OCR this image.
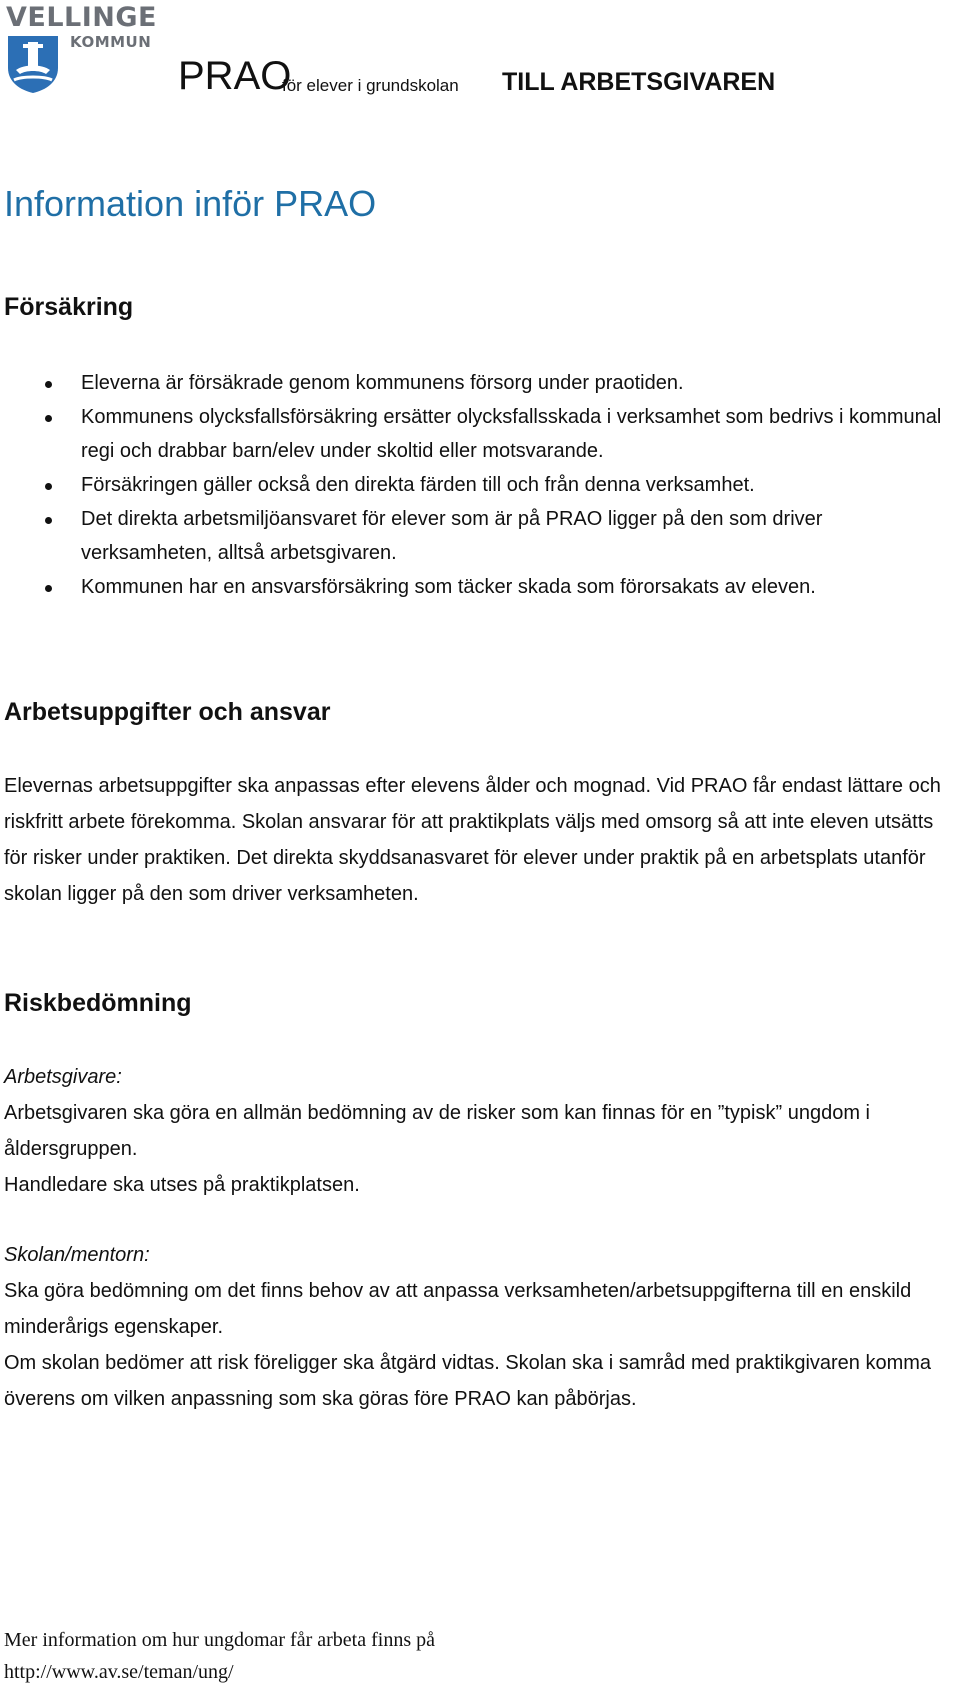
VELLINGE
KOMMUN
PRAO
för elever i grundskolan TILL ARBETSGIVAREN
Information inför PRAO
Försäkring
Eleverna är försäkrade genom kommunens försorg under praotiden.
Kommunens olycksfallsförsäkring ersätter olycksfallsskada i verksamhet som bedrivs i kommunal regi och drabbar barn/elev under skoltid eller motsvarande.
Försäkringen gäller också den direkta färden till och från denna verksamhet.
Det direkta arbetsmiljöansvaret för elever som är på PRAO ligger på den som driver verksamheten, alltså arbetsgivaren.
Kommunen har en ansvarsförsäkring som täcker skada som förorsakats av eleven.
Arbetsuppgifter och ansvar

Elevernas arbetsuppgifter ska anpassas efter elevens ålder och mognad. Vid PRAO får endast lättare och riskfritt arbete förekomma. Skolan ansvarar för att praktikplats väljs med omsorg så att inte eleven utsätts för risker under praktiken. Det direkta skyddsanasvaret för elever under praktik på en arbetsplats utanför skolan ligger på den som driver verksamheten.

Riskbedömning
Arbetsgivare:

Arbetsgivaren ska göra en allmän bedömning av de risker som kan finnas för en ”typisk” ungdom i åldersgruppen.

Handledare ska utses på praktikplatsen.

Skolan/mentorn:

Ska göra bedömning om det finns behov av att anpassa verksamheten/arbetsuppgifterna till en enskild minderårigs egenskaper.

Om skolan bedömer att risk föreligger ska åtgärd vidtas. Skolan ska i samråd med praktikgivaren komma överens om vilken anpassning som ska göras före PRAO kan påbörjas.

Mer information om hur ungdomar får arbeta finns på
http://www.av.se/teman/ung/
